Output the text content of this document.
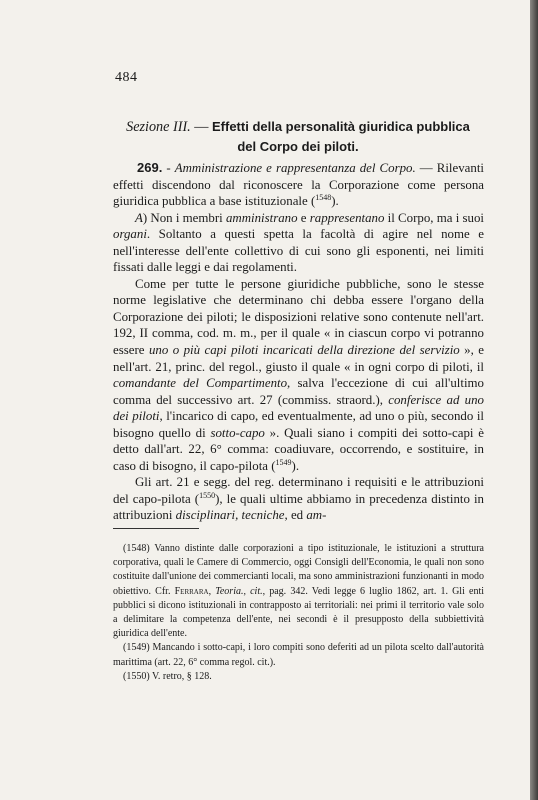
484
Sezione III. — Effetti della personalità giuridica pubblica
del Corpo dei piloti.

269. - Amministrazione e rappresentanza del Corpo. — Rilevanti effetti discendono dal riconoscere la Corporazione come persona giuridica pubblica a base istituzionale ($^{1548}$).

A) Non i membri amministrano e rappresentano il Corpo, ma i suoi organi. Soltanto a questi spetta la facoltà di agire nel nome e nell'interesse dell'ente collettivo di cui sono gli esponenti, nei limiti fissati dalle leggi e dai regolamenti.

Come per tutte le persone giuridiche pubbliche, sono le stesse norme legislative che determinano chi debba essere l'organo della Corporazione dei piloti; le disposizioni relative sono contenute nell'art. 192, II comma, cod. m. m., per il quale « in ciascun corpo vi potranno essere uno o più capi piloti incaricati della direzione del servizio », e nell'art. 21, princ. del regol., giusto il quale « in ogni corpo di piloti, il comandante del Compartimento, salva l'eccezione di cui all'ultimo comma del successivo art. 27 (commiss. straord.), conferisce ad uno dei piloti, l'incarico di capo, ed eventualmente, ad uno o più, secondo il bisogno quello di sotto-capo ». Quali siano i compiti dei sotto-capi è detto dall'art. 22, 6° comma: coadiuvare, occorrendo, e sostituire, in caso di bisogno, il capo-pilota ($^{1549}$).

Gli art. 21 e segg. del reg. determinano i requisiti e le attribuzioni del capo-pilota ($^{1550}$), le quali ultime abbiamo in precedenza distinto in attribuzioni disciplinari, tecniche, ed am-

(1548) Vanno distinte dalle corporazioni a tipo istituzionale, le istituzioni a struttura corporativa, quali le Camere di Commercio, oggi Consigli dell'Economia, le quali non sono costituite dall'unione dei commercianti locali, ma sono amministrazioni funzionanti in modo obiettivo. Cfr. Ferrara, Teoria., cit., pag. 342. Vedi legge 6 luglio 1862, art. 1. Gli enti pubblici si dicono istituzionali in contrapposto ai territoriali: nei primi il territorio vale solo a delimitare la competenza dell'ente, nei secondi è il presupposto della subbiettività giuridica dell'ente.

(1549) Mancando i sotto-capi, i loro compiti sono deferiti ad un pilota scelto dall'autorità marittima (art. 22, 6° comma regol. cit.).

(1550) V. retro, § 128.
